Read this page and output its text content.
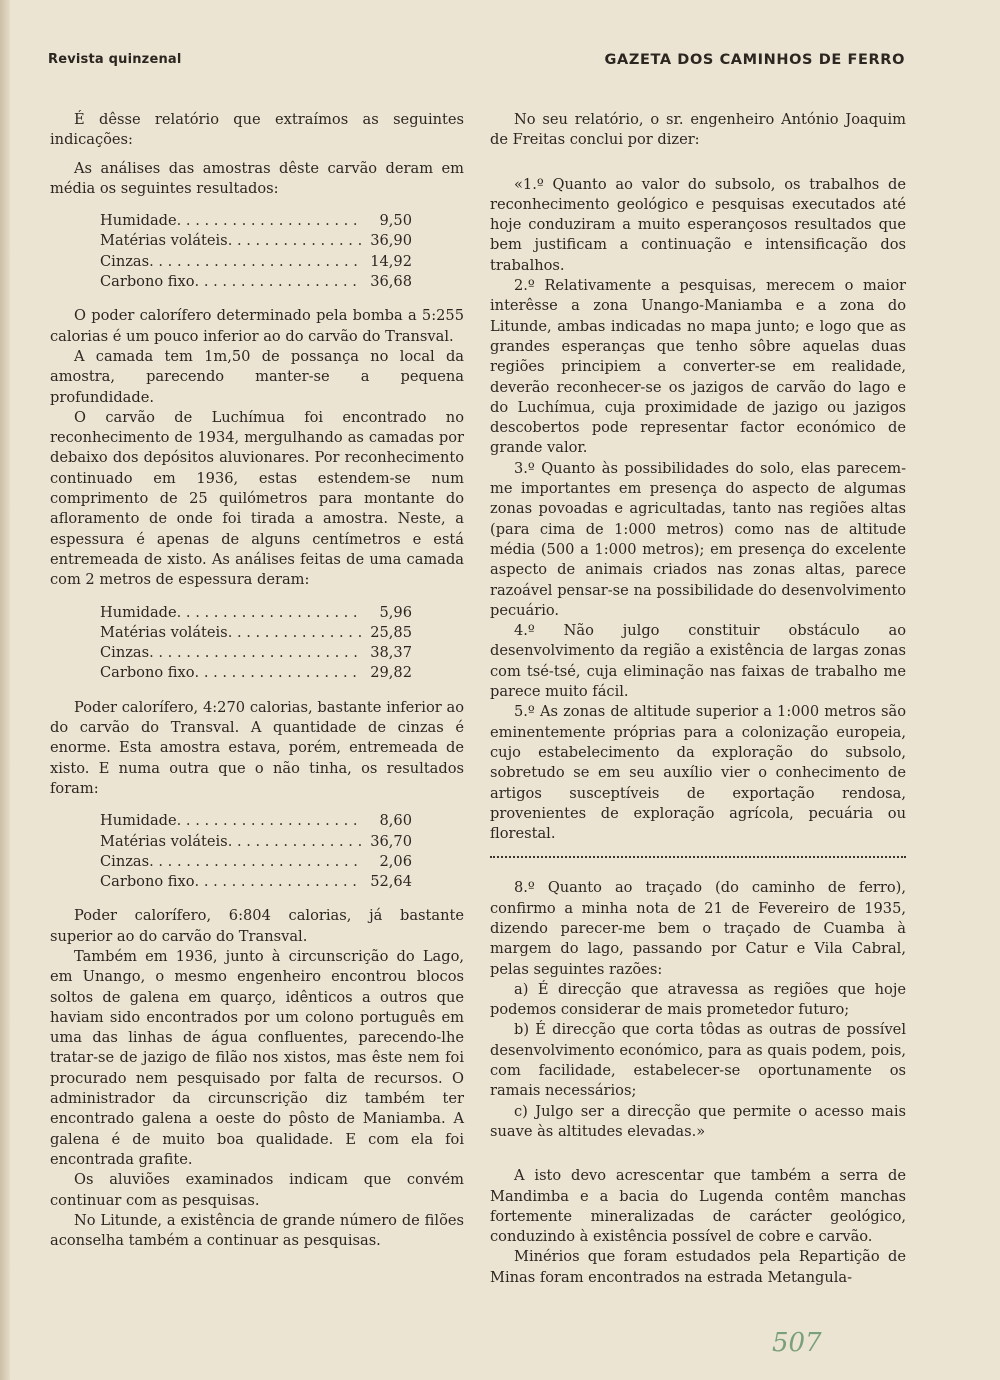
Revista quinzenal	GAZETA DOS CAMINHOS DE FERRO

É dêsse relatório que extraímos as seguintes indicações:

As análises das amostras dêste carvão deram em média os seguintes resultados:

Humidade . . .	9,50
Matérias voláteis . . .	36,90
Cinzas . . .	14,92
Carbono fixo . . .	36,68

O poder calorífero determinado pela bomba a 5:255 calorias é um pouco inferior ao do carvão do Transval.

A camada tem 1m,50 de possança no local da amostra, parecendo manter-se a pequena profundidade.

O carvão de Luchímua foi encontrado no reconhecimento de 1934, mergulhando as camadas por debaixo dos depósitos aluvionares. Por reconhecimento continuado em 1936, estas estendem-se num comprimento de 25 quilómetros para montante do afloramento de onde foi tirada a amostra. Neste, a espessura é apenas de alguns centímetros e está entremeada de xisto. As análises feitas de uma camada com 2 metros de espessura deram:

Humidade . . .	5,96
Matérias voláteis . . .	25,85
Cinzas . . .	38,37
Carbono fixo . . .	29,82

Poder calorífero, 4:270 calorias, bastante inferior ao do carvão do Transval. A quantidade de cinzas é enorme. Esta amostra estava, porém, entremeada de xisto. E numa outra que o não tinha, os resultados foram:

Humidade . . .	8,60
Matérias voláteis . . .	36,70
Cinzas . . .	2,06
Carbono fixo . . .	52,64

Poder calorífero, 6:804 calorias, já bastante superior ao do carvão do Transval.

Também em 1936, junto à circunscrição do Lago, em Unango, o mesmo engenheiro encontrou blocos soltos de galena em quarço, idênticos a outros que haviam sido encontrados por um colono português em uma das linhas de água confluentes, parecendo-lhe tratar-se de jazigo de filão nos xistos, mas êste nem foi procurado nem pesquisado por falta de recursos. O administrador da circunscrição diz também ter encontrado galena a oeste do pôsto de Maniamba. A galena é de muito boa qualidade. E com ela foi encontrada grafite.

Os aluviões examinados indicam que convém continuar com as pesquisas.

No Litunde, a existência de grande número de filões aconselha também a continuar as pesquisas.

No seu relatório, o sr. engenheiro António Joaquim de Freitas conclui por dizer:

«1.º Quanto ao valor do subsolo, os trabalhos de reconhecimento geológico e pesquisas executados até hoje conduziram a muito esperançosos resultados que bem justificam a continuação e intensificação dos trabalhos.

2.º Relativamente a pesquisas, merecem o maior interêsse a zona Unango-Maniamba e a zona do Litunde, ambas indicadas no mapa junto; e logo que as grandes esperanças que tenho sôbre aquelas duas regiões principiem a converter-se em realidade, deverão reconhecer-se os jazigos de carvão do lago e do Luchímua, cuja proximidade de jazigo ou jazigos descobertos pode representar factor económico de grande valor.

3.º Quanto às possibilidades do solo, elas parecem-me importantes em presença do aspecto de algumas zonas povoadas e agricultadas, tanto nas regiões altas (para cima de 1:000 metros) como nas de altitude média (500 a 1:000 metros); em presença do excelente aspecto de animais criados nas zonas altas, parece razoável pensar-se na possibilidade do desenvolvimento pecuário.

4.º Não julgo constituir obstáculo ao desenvolvimento da região a existência de largas zonas com tsé-tsé, cuja eliminação nas faixas de trabalho me parece muito fácil.

5.º As zonas de altitude superior a 1:000 metros são eminentemente próprias para a colonização europeia, cujo estabelecimento da exploração do subsolo, sobretudo se em seu auxílio vier o conhecimento de artigos susceptíveis de exportação rendosa, provenientes de exploração agrícola, pecuária ou florestal.

8.º Quanto ao traçado (do caminho de ferro), confirmo a minha nota de 21 de Fevereiro de 1935, dizendo parecer-me bem o traçado de Cuamba à margem do lago, passando por Catur e Vila Cabral, pelas seguintes razões:

a) É direcção que atravessa as regiões que hoje podemos considerar de mais prometedor futuro;

b) É direcção que corta tôdas as outras de possível desenvolvimento económico, para as quais podem, pois, com facilidade, estabelecer-se oportunamente os ramais necessários;

c) Julgo ser a direcção que permite o acesso mais suave às altitudes elevadas.»

A isto devo acrescentar que também a serra de Mandimba e a bacia do Lugenda contêm manchas fortemente mineralizadas de carácter geológico, conduzindo à existência possível de cobre e carvão.

Minérios que foram estudados pela Repartição de Minas foram encontrados na estrada Metangula-

507
